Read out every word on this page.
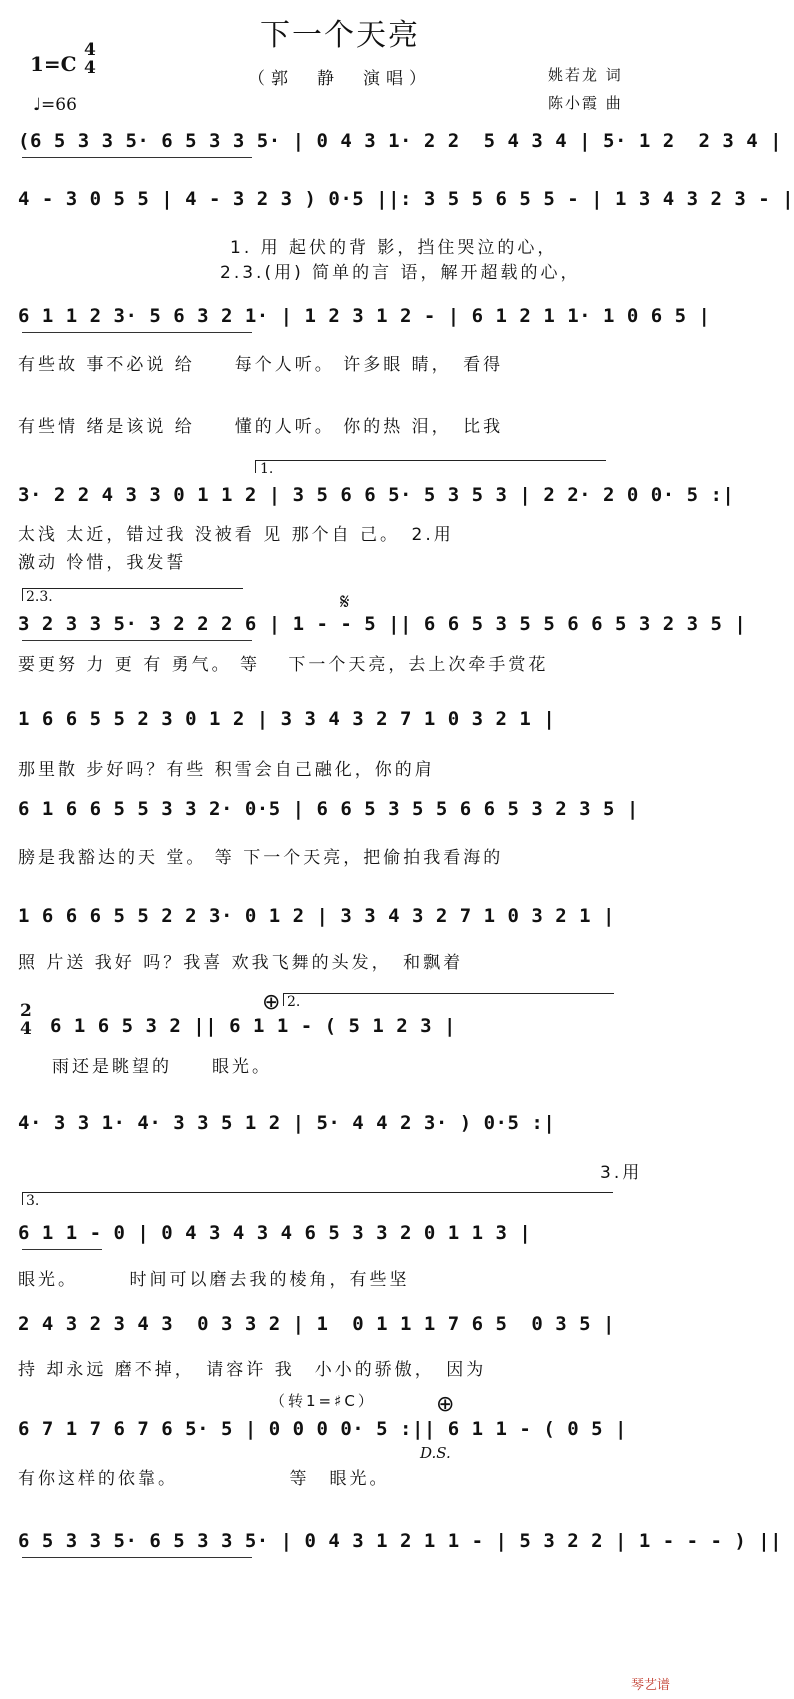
下一个天亮
（郭　静　演唱）
1=C
4
4
♩=66
姚若龙 词
陈小霞 曲
(6 5 3 3 5· 6 5 3 3 5· | 0 4 3 1· 2 2  5 4 3 4 | 5· 1 2  2 3 4 |
4 - 3 0 5 5 | 4 - 3 2 3 ) 0·5 ||: 3 5 5 6 5 5 - | 1 3 4 3 2 3 - |
1. 用 起伏的背 影，挡住哭泣的心，
2.3.(用) 简单的言 语，解开超载的心，
6 1 1 2 3· 5 6 3 2 1· | 1 2 3 1 2 - | 6 1 2 1 1· 1 0 6 5 |
有些故 事不必说 给　　每个人听。 许多眼 睛，　看得
有些情 绪是该说 给　　懂的人听。 你的热 泪，　比我
1.
3· 2 2 4 3 3 0 1 1 2 | 3 5 6 6 5· 5 3 5 3 | 2 2· 2 0 0· 5 :|
太浅 太近，错过我 没被看 见 那个自 己。　2.用
激动 怜惜，我发誓
2.3.	𝄋
3 2 3 3 5· 3 2 2 2 6 | 1 - - 5 || 6 6 5 3 5 5 6 6 5 3 2 3 5 |
要更努 力 更 有 勇气。 等　 下一个天亮，去上次牵手赏花
1 6 6 5 5 2 3 0 1 2 | 3 3 4 3 2 7 1 0 3 2 1 |
那里散 步好吗？有些 积雪会自己融化，你的肩
6 1 6 6 5 5 3 3 2· 0·5 | 6 6 5 3 5 5 6 6 5 3 2 3 5 |
膀是我豁达的天 堂。 等 下一个天亮，把偷拍我看海的
1 6 6 6 5 5 2 2 3· 0 1 2 | 3 3 4 3 2 7 1 0 3 2 1 |
照 片送 我好 吗？我喜 欢我飞舞的头发，　和飘着
⊕ 2.
2
4 6 1 6 5 3 2 || 6 1 1 - ( 5 1 2 3 |
雨还是眺望的　　眼光。
4· 3 3 1· 4· 3 3 5 1 2 | 5· 4 4 2 3· ) 0·5 :|
3.用
3.
6 1 1 - 0 | 0 4 3 4 3 4 6 5 3 3 2 0 1 1 3 |
眼光。　　　时间可以磨去我的棱角，有些坚
2 4 3 2 3 4 3  0 3 3 2 | 1  0 1 1 1 7 6 5  0 3 5 |
持 却永远 磨不掉，　请容许 我　小小的骄傲，　因为
（转1=♯C）	⊕
6 7 1 7 6 7 6 5· 5 | 0 0 0 0· 5 :|| 6 1 1 - ( 0 5 |
D.S.
有你这样的依靠。　　　　　　等　眼光。
6 5 3 3 5· 6 5 3 3 5· | 0 4 3 1 2 1 1 - | 5 3 2 2 | 1 - - - ) ||
琴艺谱
